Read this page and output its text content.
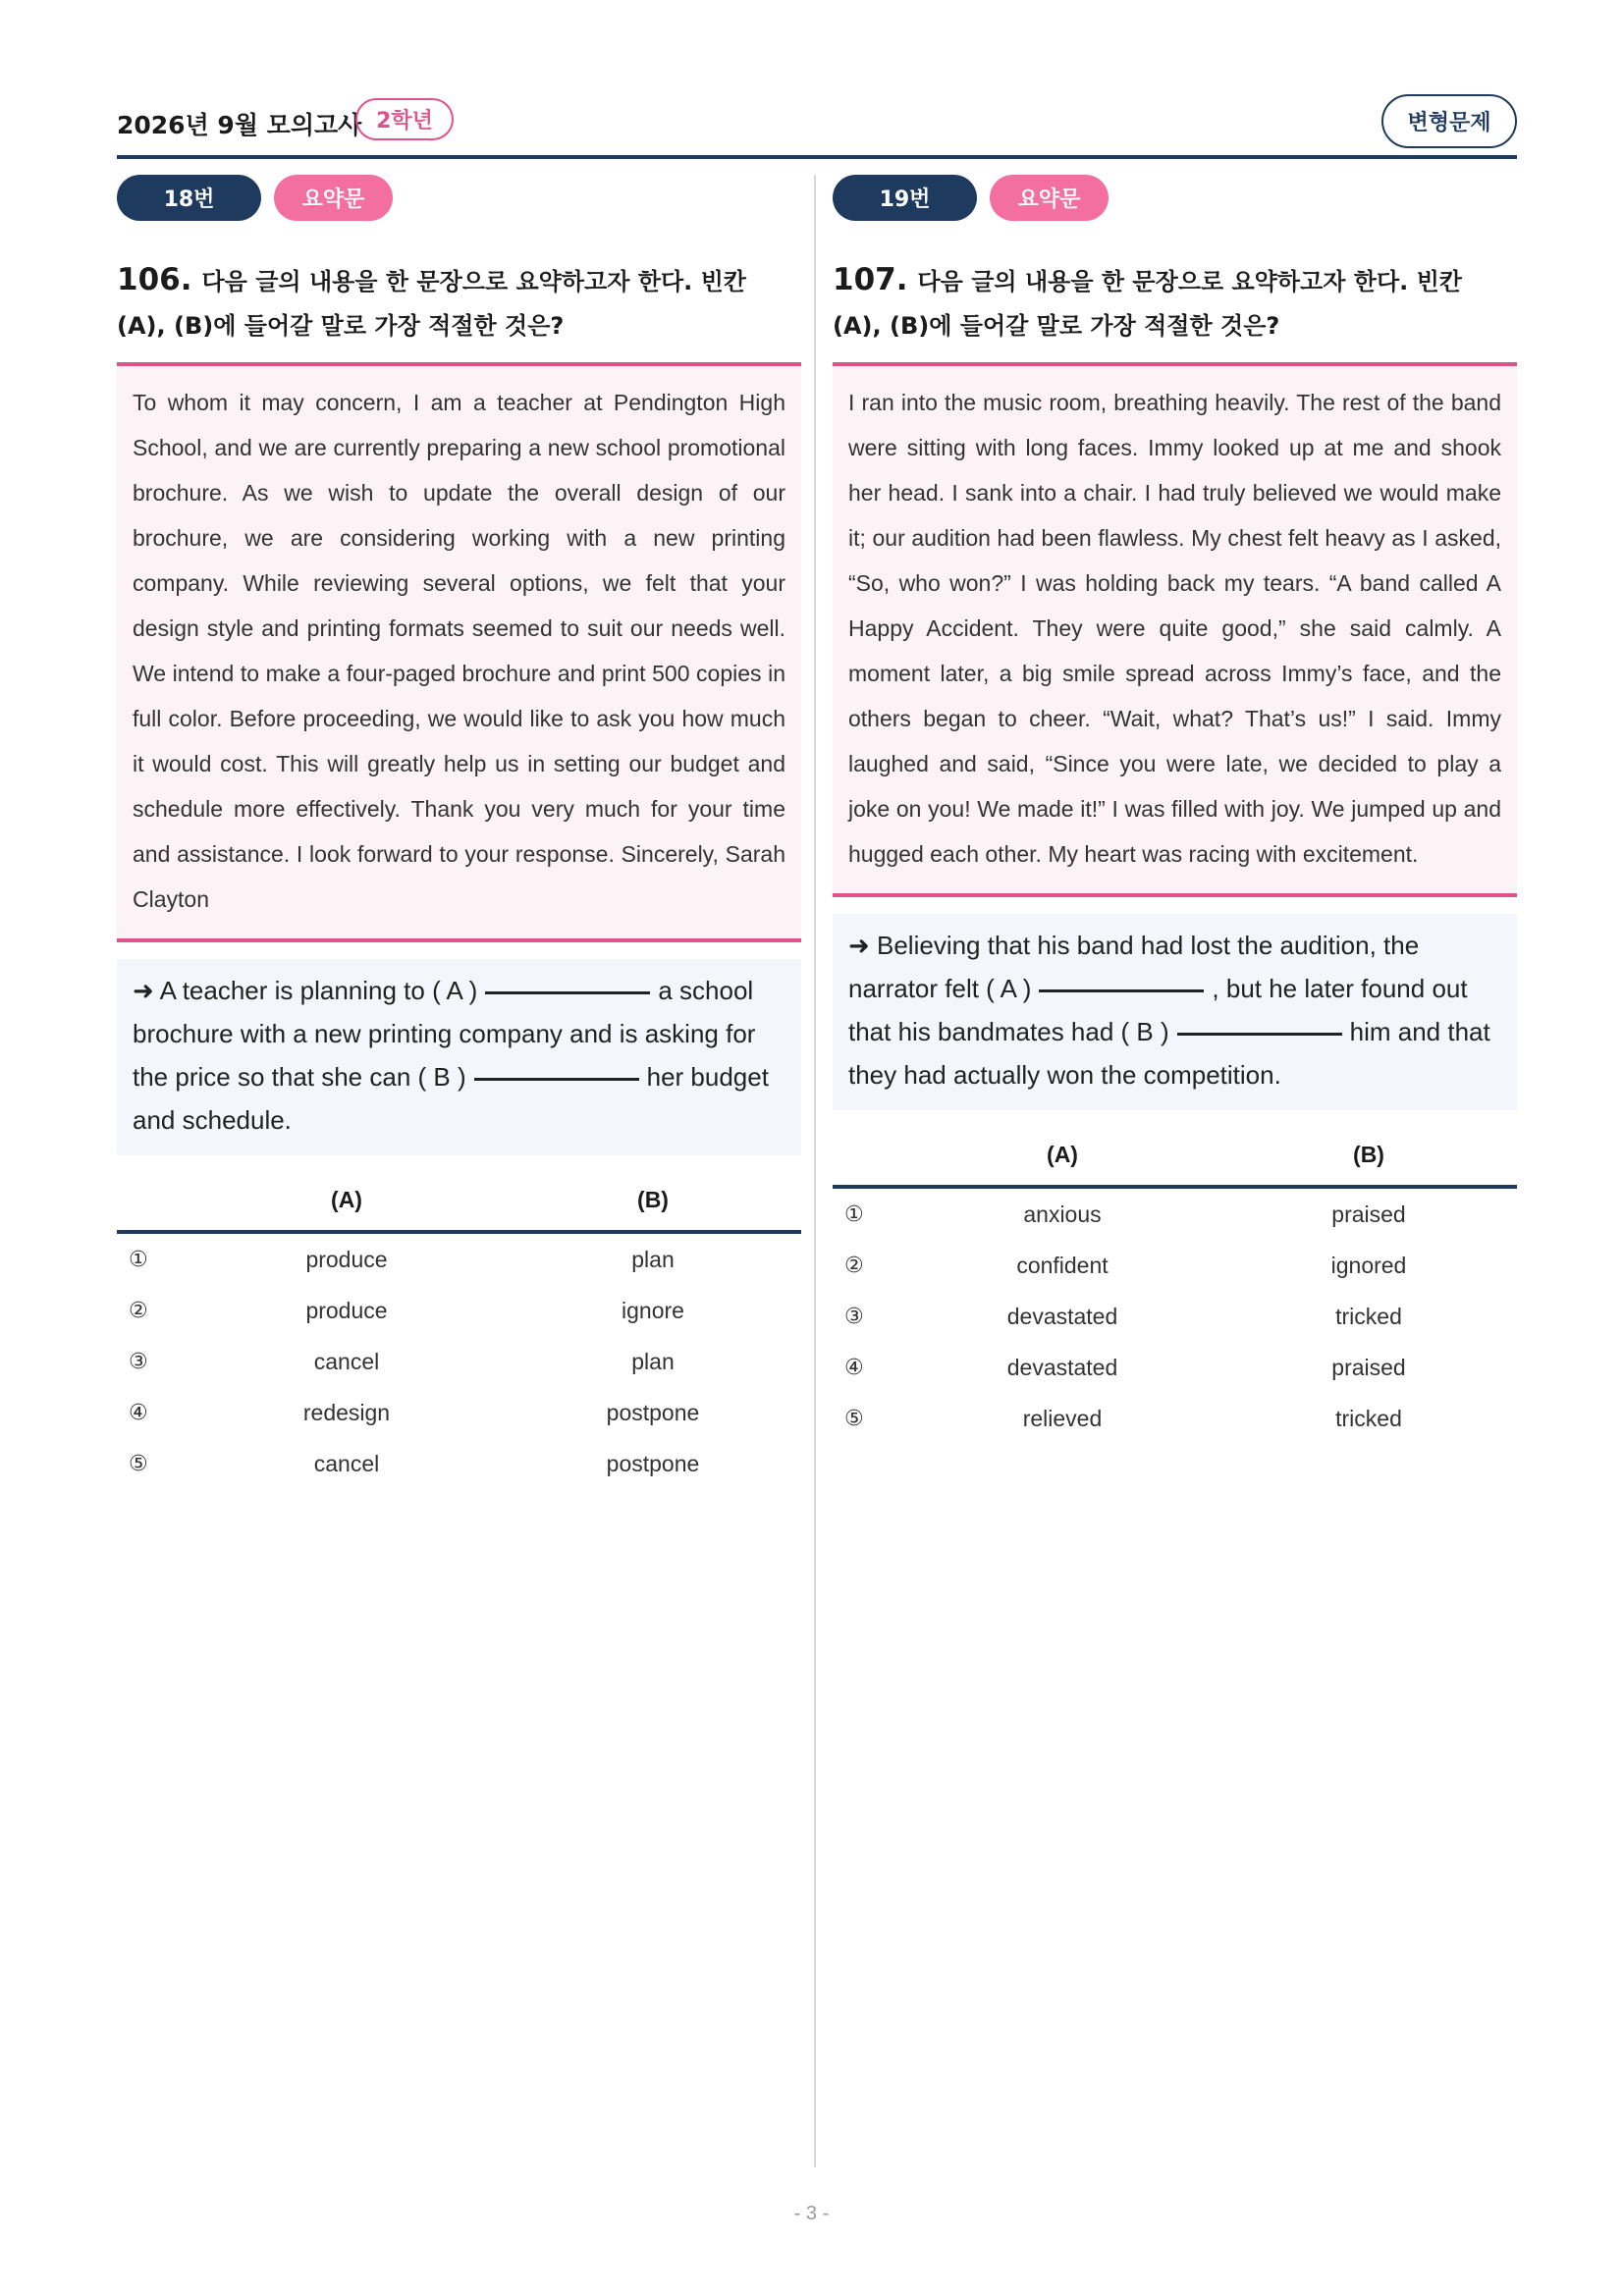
2026년 9월 모의고사 2학년	변형문제
18번	요약문
106. 다음 글의 내용을 한 문장으로 요약하고자 한다. 빈칸 (A), (B)에 들어갈 말로 가장 적절한 것은?
To whom it may concern, I am a teacher at Pendington High School, and we are currently preparing a new school promotional brochure. As we wish to update the overall design of our brochure, we are considering working with a new printing company. While reviewing several options, we felt that your design style and printing formats seemed to suit our needs well. We intend to make a four-paged brochure and print 500 copies in full color. Before proceeding, we would like to ask you how much it would cost. This will greatly help us in setting our budget and schedule more effectively. Thank you very much for your time and assistance. I look forward to your response. Sincerely, Sarah Clayton
➜ A teacher is planning to ( A )	a school brochure with a new printing company and is asking for the price so that she can ( B )	her budget and schedule.
	(A)	(B)
①	produce	plan
②	produce	ignore
③	cancel	plan
④	redesign	postpone
⑤	cancel	postpone
19번	요약문
107. 다음 글의 내용을 한 문장으로 요약하고자 한다. 빈칸 (A), (B)에 들어갈 말로 가장 적절한 것은?
I ran into the music room, breathing heavily. The rest of the band were sitting with long faces. Immy looked up at me and shook her head. I sank into a chair. I had truly believed we would make it; our audition had been flawless. My chest felt heavy as I asked, “So, who won?” I was holding back my tears. “A band called A Happy Accident. They were quite good,” she said calmly. A moment later, a big smile spread across Immy’s face, and the others began to cheer. “Wait, what? That’s us!” I said. Immy laughed and said, “Since you were late, we decided to play a joke on you! We made it!” I was filled with joy. We jumped up and hugged each other. My heart was racing with excitement.
➜ Believing that his band had lost the audition, the narrator felt ( A )	, but he later found out that his bandmates had ( B )	him and that they had actually won the competition.
	(A)	(B)
①	anxious	praised
②	confident	ignored
③	devastated	tricked
④	devastated	praised
⑤	relieved	tricked
- 3 -
